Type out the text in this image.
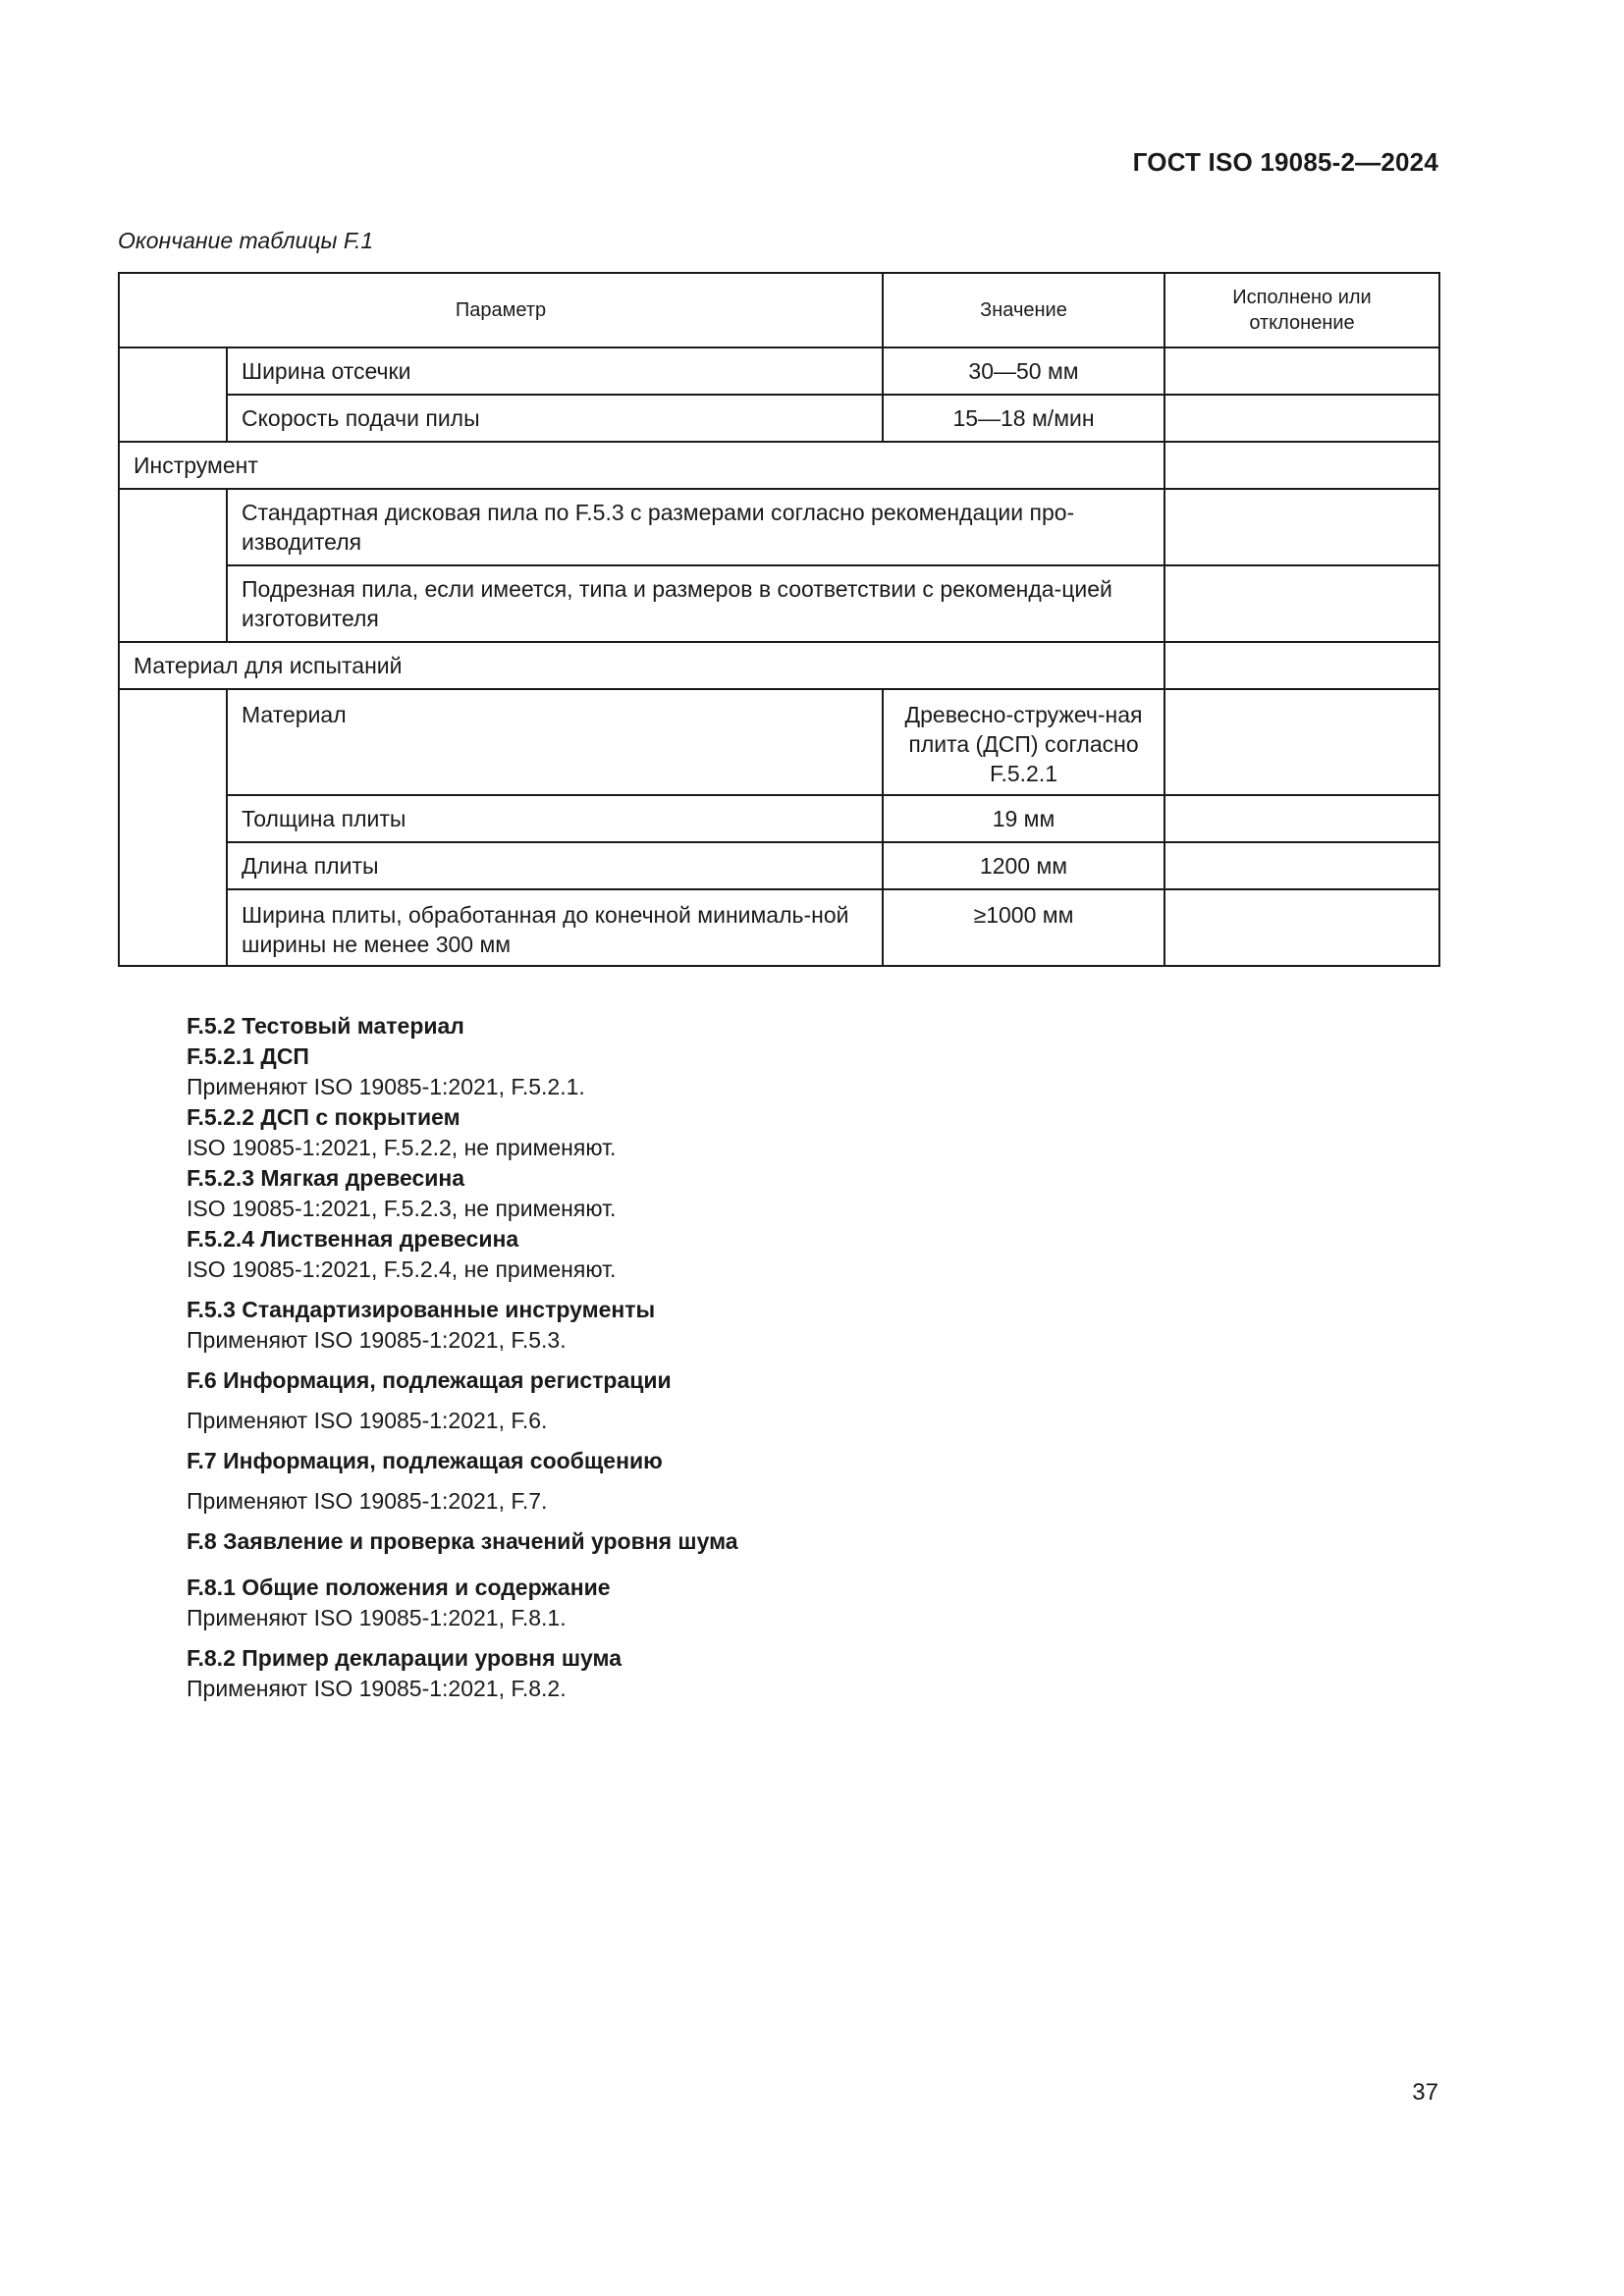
ГОСТ ISO 19085-2—2024
Окончание таблицы F.1
Параметр		Значение	Исполнено или отклонение
	Ширина отсечки	30—50 мм	
	Скорость подачи пилы	15—18 м/мин	
Инструмент			
	Стандартная дисковая пила по F.5.3 с размерами согласно рекомендации про-изводителя		
	Подрезная пила, если имеется, типа и размеров в соответствии с рекоменда-цией изготовителя		
Материал для испытаний			
	Материал	Древесно-стружеч-ная плита (ДСП) согласно F.5.2.1	
	Толщина плиты	19 мм	
	Длина плиты	1200 мм	
	Ширина плиты, обработанная до конечной минималь-ной ширины не менее 300 мм	≥1000 мм	
F.5.2 Тестовый материал
F.5.2.1 ДСП
Применяют ISO 19085-1:2021, F.5.2.1.
F.5.2.2 ДСП с покрытием
ISO 19085-1:2021, F.5.2.2, не применяют.
F.5.2.3 Мягкая древесина
ISO 19085-1:2021, F.5.2.3, не применяют.
F.5.2.4 Лиственная древесина
ISO 19085-1:2021, F.5.2.4, не применяют.
F.5.3 Стандартизированные инструменты
Применяют ISO 19085-1:2021, F.5.3.
F.6 Информация, подлежащая регистрации
Применяют ISO 19085-1:2021, F.6.
F.7 Информация, подлежащая сообщению
Применяют ISO 19085-1:2021, F.7.
F.8 Заявление и проверка значений уровня шума
F.8.1 Общие положения и содержание
Применяют ISO 19085-1:2021, F.8.1.
F.8.2 Пример декларации уровня шума
Применяют ISO 19085-1:2021, F.8.2.
37
